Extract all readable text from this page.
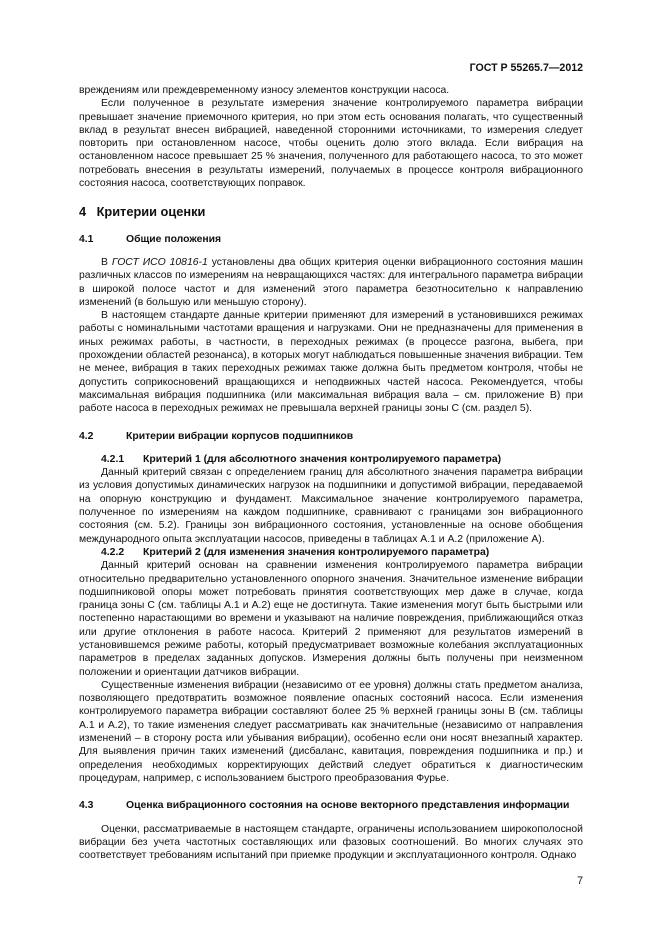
ГОСТ Р 55265.7—2012

вреждениям или преждевременному износу элементов конструкции насоса.

Если полученное в результате измерения значение контролируемого параметра вибрации превышает значение приемочного критерия, но при этом есть основания полагать, что существенный вклад в результат внесен вибрацией, наведенной сторонними источниками, то измерения следует повторить при остановленном насосе, чтобы оценить долю этого вклада. Если вибрация на остановленном насосе превышает 25 % значения, полученного для работающего насоса, то это может потребовать внесения в результаты измерений, получаемых в процессе контроля вибрационного состояния насоса, соответствующих поправок.

4 Критерии оценки
4.1	Общие положения

В ГОСТ ИСО 10816-1 установлены два общих критерия оценки вибрационного состояния машин различных классов по измерениям на невращающихся частях: для интегрального параметра вибрации в широкой полосе частот и для изменений этого параметра безотносительно к направлению изменений (в большую или меньшую сторону).

В настоящем стандарте данные критерии применяют для измерений в установившихся режимах работы с номинальными частотами вращения и нагрузками. Они не предназначены для применения в иных режимах работы, в частности, в переходных режимах (в процессе разгона, выбега, при прохождении областей резонанса), в которых могут наблюдаться повышенные значения вибрации. Тем не менее, вибрация в таких переходных режимах также должна быть предметом контроля, чтобы не допустить соприкосновений вращающихся и неподвижных частей насоса. Рекомендуется, чтобы максимальная вибрация подшипника (или максимальная вибрация вала – см. приложение В) при работе насоса в переходных режимах не превышала верхней границы зоны С (см. раздел 5).

4.2	Критерии вибрации корпусов подшипников
4.2.1	Критерий 1 (для абсолютного значения контролируемого параметра)

Данный критерий связан с определением границ для абсолютного значения параметра вибрации из условия допустимых динамических нагрузок на подшипники и допустимой вибрации, передаваемой на опорную конструкцию и фундамент. Максимальное значение контролируемого параметра, полученное по измерениям на каждом подшипнике, сравнивают с границами зон вибрационного состояния (см. 5.2). Границы зон вибрационного состояния, установленные на основе обобщения международного опыта эксплуатации насосов, приведены в таблицах А.1 и А.2 (приложение А).

4.2.2	Критерий 2 (для изменения значения контролируемого параметра)

Данный критерий основан на сравнении изменения контролируемого параметра вибрации относительно предварительно установленного опорного значения. Значительное изменение вибрации подшипниковой опоры может потребовать принятия соответствующих мер даже в случае, когда граница зоны С (см. таблицы А.1 и А.2) еще не достигнута. Такие изменения могут быть быстрыми или постепенно нарастающими во времени и указывают на наличие повреждения, приближающийся отказ или другие отклонения в работе насоса. Критерий 2 применяют для результатов измерений в установившемся режиме работы, который предусматривает возможные колебания эксплуатационных параметров в пределах заданных допусков. Измерения должны быть получены при неизменном положении и ориентации датчиков вибрации.

Существенные изменения вибрации (независимо от ее уровня) должны стать предметом анализа, позволяющего предотвратить возможное появление опасных состояний насоса. Если изменения контролируемого параметра вибрации составляют более 25 % верхней границы зоны В (см. таблицы А.1 и А.2), то такие изменения следует рассматривать как значительные (независимо от направления изменений – в сторону роста или убывания вибрации), особенно если они носят внезапный характер. Для выявления причин таких изменений (дисбаланс, кавитация, повреждения подшипника и пр.) и определения необходимых корректирующих действий следует обратиться к диагностическим процедурам, например, с использованием быстрого преобразования Фурье.

4.3	Оценка вибрационного состояния на основе векторного представления информации

Оценки, рассматриваемые в настоящем стандарте, ограничены использованием широкополосной вибрации без учета частотных составляющих или фазовых соотношений. Во многих случаях это соответствует требованиям испытаний при приемке продукции и эксплуатационного контроля. Однако

7
